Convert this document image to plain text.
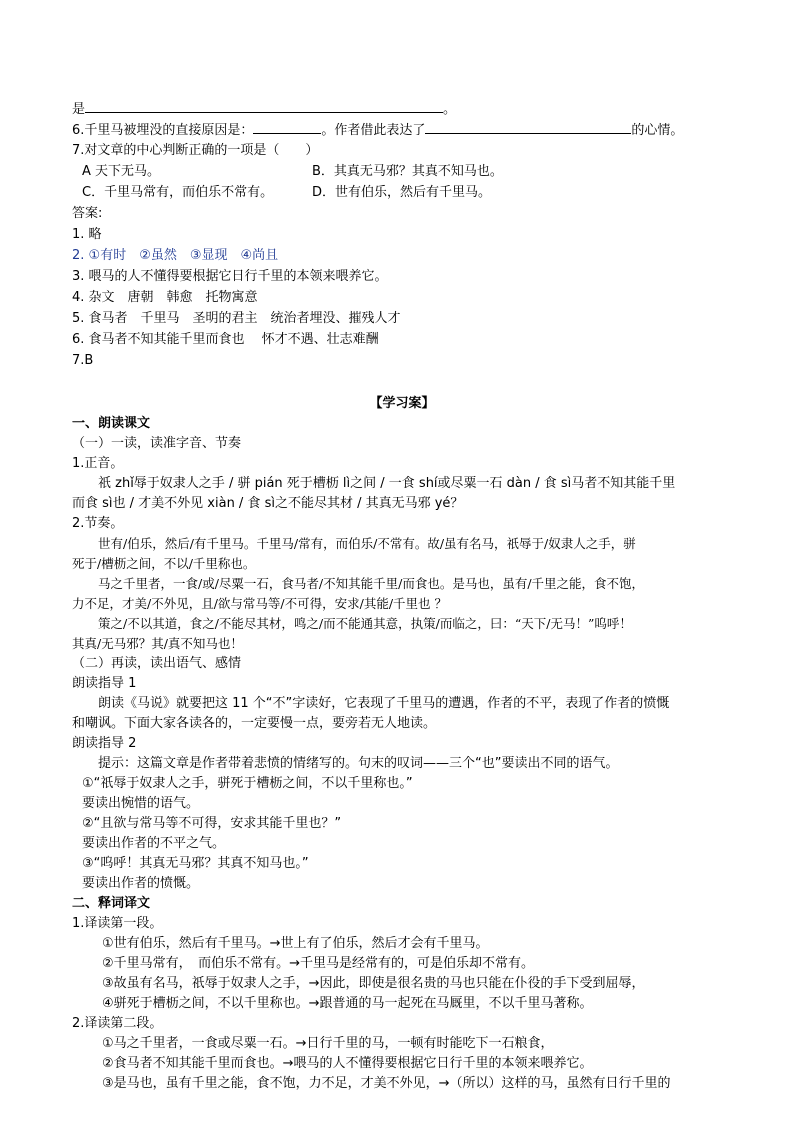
是	。
6.千里马被埋没的直接原因是：	。作者借此表达了	的心情。
7.对文章的中心判断正确的一项是（　　）
A 天下无马。	B．其真无马邪？其真不知马也。
C．千里马常有，而伯乐不常有。	D．世有伯乐，然后有千里马。
答案:
1. 略
2. ①有时　②虽然　③显现　④尚且
3. 喂马的人不懂得要根据它日行千里的本领来喂养它。
4. 杂文　唐朝　韩愈　托物寓意
5. 食马者　千里马　圣明的君主　统治者埋没、摧残人才
6. 食马者不知其能千里而食也　 怀才不遇、壮志难酬
7.B
【学习案】
一、朗读课文
（一）一读，读准字音、节奏
1.正音。
祇 zhǐ辱于奴隶人之手 / 骈 pián 死于槽枥 lì之间 / 一食 shí或尽粟一石 dàn / 食 sì马者不知其能千里
而食 sì也 / 才美不外见 xiàn / 食 sì之不能尽其材 / 其真无马邪 yé？
2.节奏。
世有/伯乐，然后/有千里马。千里马/常有，而伯乐/不常有。故/虽有名马，祇辱于/奴隶人之手，骈
死于/槽枥之间，不以/千里称也。
马之千里者，一食/或/尽粟一石，食马者/不知其能千里/而食也。是马也，虽有/千里之能，食不饱，
力不足，才美/不外见，且/欲与常马等/不可得，安求/其能/千里也 ？
策之/不以其道，食之/不能尽其材，鸣之/而不能通其意，执策/而临之，曰：“天下/无马！”呜呼！
其真/无马邪？其/真不知马也！
（二）再读，读出语气、感情
朗读指导 1
朗读《马说》就要把这 11 个“不”字读好，它表现了千里马的遭遇，作者的不平，表现了作者的愤慨
和嘲讽。下面大家各读各的，一定要慢一点，要旁若无人地读。
朗读指导 2
提示：这篇文章是作者带着悲愤的情绪写的。句末的叹词——三个“也”要读出不同的语气。
①“祇辱于奴隶人之手，骈死于槽枥之间，不以千里称也。”
要读出惋惜的语气。
②“且欲与常马等不可得，安求其能千里也？”
要读出作者的不平之气。
③“呜呼！其真无马邪？其真不知马也。”
要读出作者的愤慨。
二、释词译文
1.译读第一段。
①世有伯乐，然后有千里马。→世上有了伯乐，然后才会有千里马。
②千里马常有，　而伯乐不常有。→千里马是经常有的，可是伯乐却不常有。
③故虽有名马，祇辱于奴隶人之手，→因此，即使是很名贵的马也只能在仆役的手下受到屈辱，
④骈死于槽枥之间，不以千里称也。→跟普通的马一起死在马厩里，不以千里马著称。
2.译读第二段。
①马之千里者，一食或尽粟一石。→日行千里的马，一顿有时能吃下一石粮食，
②食马者不知其能千里而食也。→喂马的人不懂得要根据它日行千里的本领来喂养它。
③是马也，虽有千里之能，食不饱，力不足，才美不外见，→（所以）这样的马，虽然有日行千里的
